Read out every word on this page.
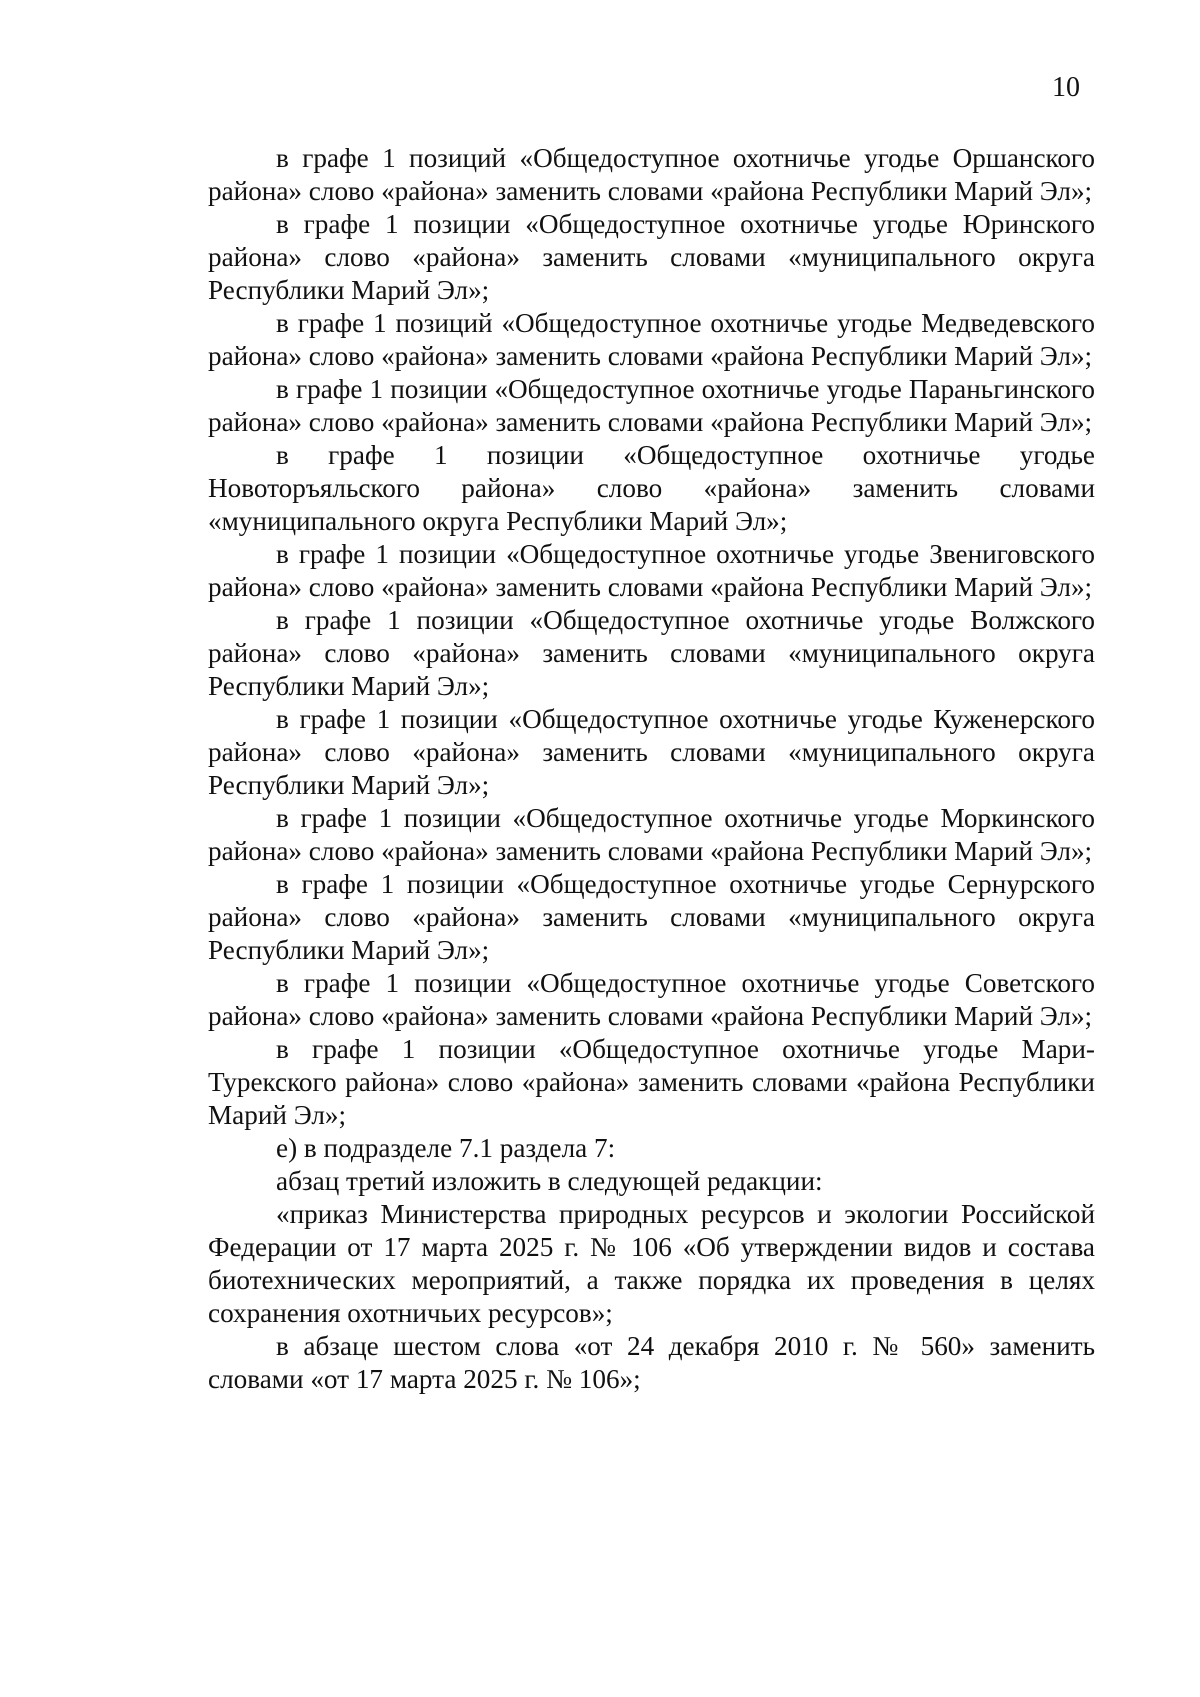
10

в графе 1 позиций «Общедоступное охотничье угодье Оршанского района» слово «района» заменить словами «района Республики Марий Эл»;

в графе 1 позиции «Общедоступное охотничье угодье Юринского района» слово «района» заменить словами «муниципального округа Республики Марий Эл»;

в графе 1 позиций «Общедоступное охотничье угодье Медведевского района» слово «района» заменить словами «района Республики Марий Эл»;

в графе 1 позиции «Общедоступное охотничье угодье Параньгинского района» слово «района» заменить словами «района Республики Марий Эл»;

в графе 1 позиции «Общедоступное охотничье угодье Новоторъяльского района» слово «района» заменить словами «муниципального округа Республики Марий Эл»;

в графе 1 позиции «Общедоступное охотничье угодье Звениговского района» слово «района» заменить словами «района Республики Марий Эл»;

в графе 1 позиции «Общедоступное охотничье угодье Волжского района» слово «района» заменить словами «муниципального округа Республики Марий Эл»;

в графе 1 позиции «Общедоступное охотничье угодье Куженерского района» слово «района» заменить словами «муниципального округа Республики Марий Эл»;

в графе 1 позиции «Общедоступное охотничье угодье Моркинского района» слово «района» заменить словами «района Республики Марий Эл»;

в графе 1 позиции «Общедоступное охотничье угодье Сернурского района» слово «района» заменить словами «муниципального округа Республики Марий Эл»;

в графе 1 позиции «Общедоступное охотничье угодье Советского района» слово «района» заменить словами «района Республики Марий Эл»;

в графе 1 позиции «Общедоступное охотничье угодье Мари-Турекского района» слово «района» заменить словами «района Республики Марий Эл»;

е) в подразделе 7.1 раздела 7:

абзац третий изложить в следующей редакции:

«приказ Министерства природных ресурсов и экологии Российской Федерации от 17 марта 2025 г. № 106 «Об утверждении видов и состава биотехнических мероприятий, а также порядка их проведения в целях сохранения охотничьих ресурсов»;

в абзаце шестом слова «от 24 декабря 2010 г. № 560» заменить словами «от 17 марта 2025 г. № 106»;
